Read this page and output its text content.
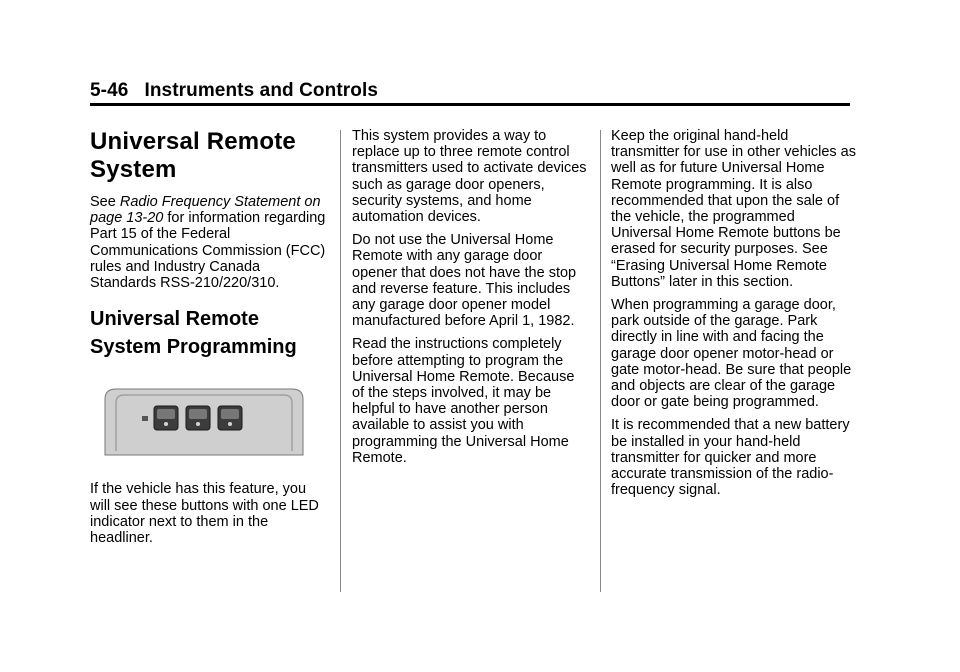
5-46 Instruments and Controls
Universal Remote System

See Radio Frequency Statement on page 13-20 for information regarding Part 15 of the Federal Communications Commission (FCC) rules and Industry Canada Standards RSS-210/220/310.

Universal Remote System Programming

If the vehicle has this feature, you will see these buttons with one LED indicator next to them in the headliner.

This system provides a way to replace up to three remote control transmitters used to activate devices such as garage door openers, security systems, and home automation devices.

Do not use the Universal Home Remote with any garage door opener that does not have the stop and reverse feature. This includes any garage door opener model manufactured before April 1, 1982.

Read the instructions completely before attempting to program the Universal Home Remote. Because of the steps involved, it may be helpful to have another person available to assist you with programming the Universal Home Remote.

Keep the original hand-held transmitter for use in other vehicles as well as for future Universal Home Remote programming. It is also recommended that upon the sale of the vehicle, the programmed Universal Home Remote buttons be erased for security purposes. See “Erasing Universal Home Remote Buttons” later in this section.

When programming a garage door, park outside of the garage. Park directly in line with and facing the garage door opener motor-head or gate motor-head. Be sure that people and objects are clear of the garage door or gate being programmed.

It is recommended that a new battery be installed in your hand-held transmitter for quicker and more accurate transmission of the radio-frequency signal.
